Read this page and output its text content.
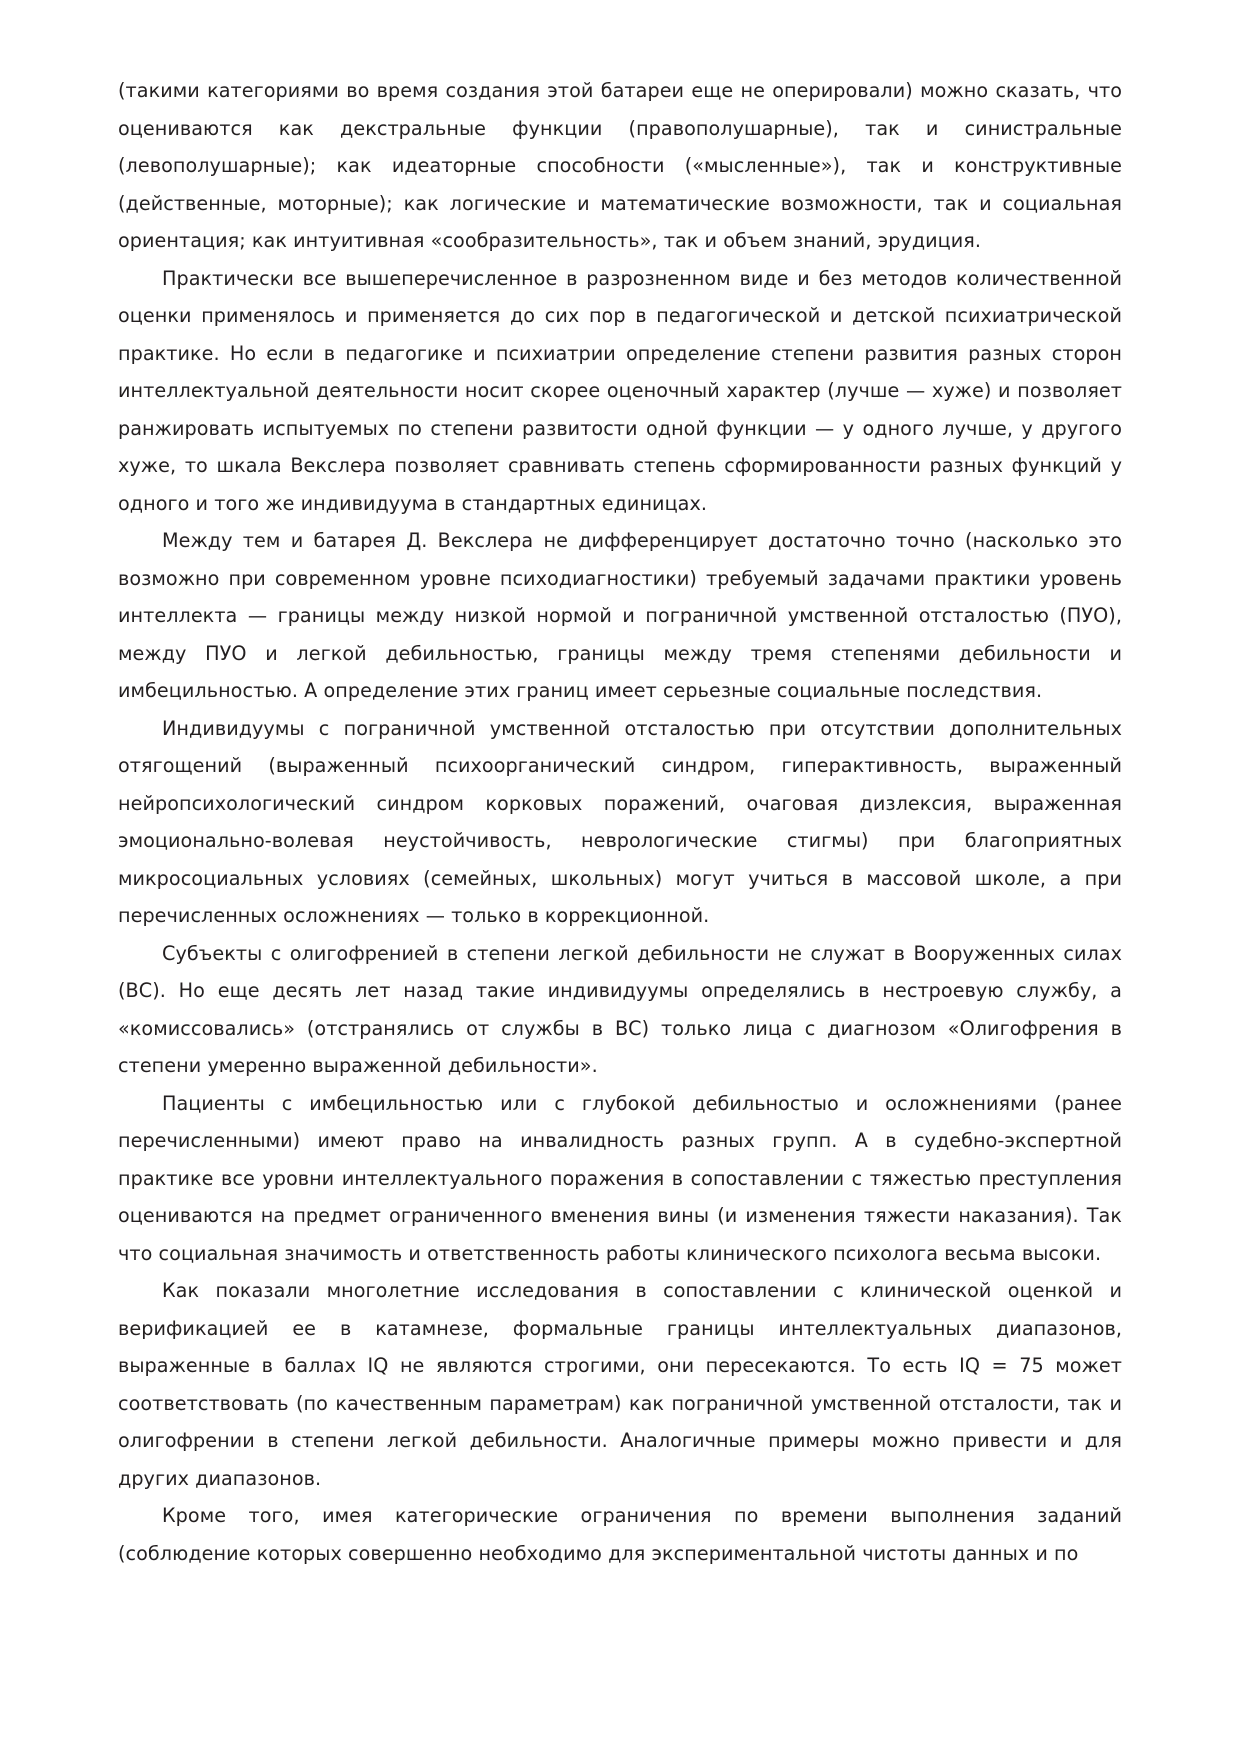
(такими категориями во время создания этой батареи еще не оперировали) можно сказать, что оцениваются как декстральные функции (правополушарные), так и синистральные (левополушарные); как идеаторные способности («мысленные»), так и конструктивные (действенные, моторные); как логические и математические возможности, так и социальная ориентация; как интуитивная «сообразительность», так и объем знаний, эрудиция.

Практически все вышеперечисленное в разрозненном виде и без методов количественной оценки применялось и применяется до сих пор в педагогической и детской психиатрической практике. Но если в педагогике и психиатрии определение степени развития разных сторон интеллектуальной деятельности носит скорее оценочный характер (лучше — хуже) и позволяет ранжировать испытуемых по степени развитости одной функции — у одного лучше, у другого хуже, то шкала Векслера позволяет сравнивать степень сформированности разных функций у одного и того же индивидуума в стандартных единицах.

Между тем и батарея Д. Векслера не дифференцирует достаточно точно (насколько это возможно при современном уровне психодиагностики) требуемый задачами практики уровень интеллекта — границы между низкой нормой и пограничной умственной отсталостью (ПУО), между ПУО и легкой дебильностью, границы между тремя степенями дебильности и имбецильностью. А определение этих границ имеет серьезные социальные последствия.

Индивидуумы с пограничной умственной отсталостью при отсутствии дополнительных отягощений (выраженный психоорганический синдром, гиперактивность, выраженный нейропсихологический синдром корковых поражений, очаговая дизлексия, выраженная эмоционально-волевая неустойчивость, неврологические стигмы) при благоприятных микросоциальных условиях (семейных, школьных) могут учиться в массовой школе, а при перечисленных осложнениях — только в коррекционной.

Субъекты с олигофренией в степени легкой дебильности не служат в Вооруженных силах (ВС). Но еще десять лет назад такие индивидуумы определялись в нестроевую службу, а «комиссовались» (отстранялись от службы в ВС) только лица с диагнозом «Олигофрения в степени умеренно выраженной дебильности».

Пациенты с имбецильностью или с глубокой дебильностыо и осложнениями (ранее перечисленными) имеют право на инвалидность разных групп. А в судебно-экспертной практике все уровни интеллектуального поражения в сопоставлении с тяжестью преступления оцениваются на предмет ограниченного вменения вины (и изменения тяжести наказания). Так что социальная значимость и ответственность работы клинического психолога весьма высоки.

Как показали многолетние исследования в сопоставлении с клинической оценкой и верификацией ее в катамнезе, формальные границы интеллектуальных диапазонов, выраженные в баллах IQ не являются строгими, они пересекаются. То есть IQ = 75 может соответствовать (по качественным параметрам) как пограничной умственной отсталости, так и олигофрении в степени легкой дебильности. Аналогичные примеры можно привести и для других диапазонов.

Кроме того, имея категорические ограничения по времени выполнения заданий (соблюдение которых совершенно необходимо для экспериментальной чистоты данных и по
